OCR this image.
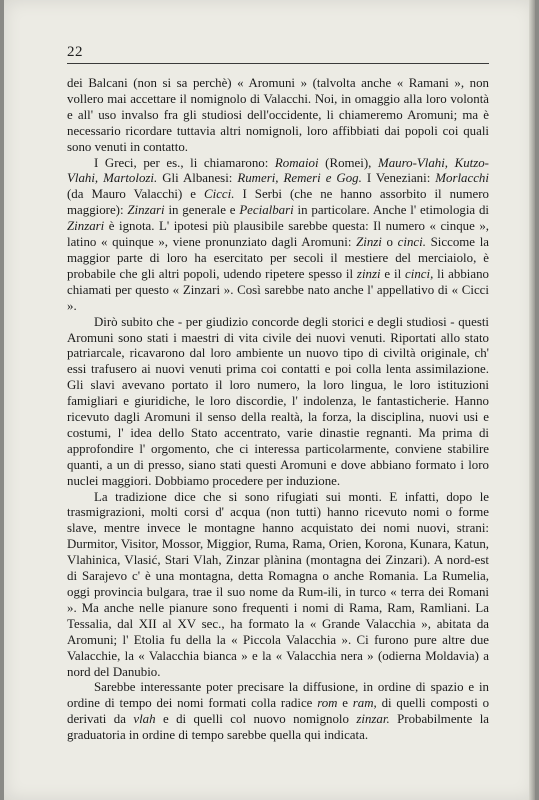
22

dei Balcani (non si sa perchè) « Aromuni » (talvolta anche « Ramani », non vollero mai accettare il nomignolo di Valacchi. Noi, in omaggio alla loro volontà e all' uso invalso fra gli studiosi dell'occidente, li chiameremo Aromuni; ma è necessario ricordare tuttavia altri nomignoli, loro affibbiati dai popoli coi quali sono venuti in contatto.

I Greci, per es., li chiamarono: Romaioi (Romei), Mauro-Vlahi, Kutzo-Vlahi, Martolozi. Gli Albanesi: Rumeri, Remeri e Gog. I Veneziani: Morlacchi (da Mauro Valacchi) e Cicci. I Serbi (che ne hanno assorbito il numero maggiore): Zinzari in generale e Pecialbari in particolare. Anche l' etimologia di Zinzari è ignota. L' ipotesi più plausibile sarebbe questa: Il numero « cinque », latino « quinque », viene pronunziato dagli Aromuni: Zinzi o cinci. Siccome la maggior parte di loro ha esercitato per secoli il mestiere del merciaiolo, è probabile che gli altri popoli, udendo ripetere spesso il zinzi e il cinci, li abbiano chiamati per questo « Zinzari ». Così sarebbe nato anche l' appellativo di « Cicci ».

Dirò subito che - per giudizio concorde degli storici e degli studiosi - questi Aromuni sono stati i maestri di vita civile dei nuovi venuti. Riportati allo stato patriarcale, ricavarono dal loro ambiente un nuovo tipo di civiltà originale, ch' essi trafusero ai nuovi venuti prima coi contatti e poi colla lenta assimilazione. Gli slavi avevano portato il loro numero, la loro lingua, le loro istituzioni famigliari e giuridiche, le loro discordie, l' indolenza, le fantasticherie. Hanno ricevuto dagli Aromuni il senso della realtà, la forza, la disciplina, nuovi usi e costumi, l' idea dello Stato accentrato, varie dinastie regnanti. Ma prima di approfondire l' orgomento, che ci interessa particolarmente, conviene stabilire quanti, a un di presso, siano stati questi Aromuni e dove abbiano formato i loro nuclei maggiori. Dobbiamo procedere per induzione.

La tradizione dice che si sono rifugiati sui monti. E infatti, dopo le trasmigrazioni, molti corsi d' acqua (non tutti) hanno ricevuto nomi o forme slave, mentre invece le montagne hanno acquistato dei nomi nuovi, strani: Durmitor, Visitor, Mossor, Miggior, Ruma, Rama, Orien, Korona, Kunara, Katun, Vlahinica, Vlasić, Stari Vlah, Zinzar plànina (montagna dei Zinzari). A nord-est di Sarajevo c' è una montagna, detta Romagna o anche Romania. La Rumelia, oggi provincia bulgara, trae il suo nome da Rum-ili, in turco « terra dei Romani ». Ma anche nelle pianure sono frequenti i nomi di Rama, Ram, Ramliani. La Tessalia, dal XII al XV sec., ha formato la « Grande Valacchia », abitata da Aromuni; l' Etolia fu della la « Piccola Valacchia ». Ci furono pure altre due Valacchie, la « Valacchia bianca » e la « Valacchia nera » (odierna Moldavia) a nord del Danubio.

Sarebbe interessante poter precisare la diffusione, in ordine di spazio e in ordine di tempo dei nomi formati colla radice rom e ram, di quelli composti o derivati da vlah e di quelli col nuovo nomignolo zinzar. Probabilmente la graduatoria in ordine di tempo sarebbe quella qui indicata.
